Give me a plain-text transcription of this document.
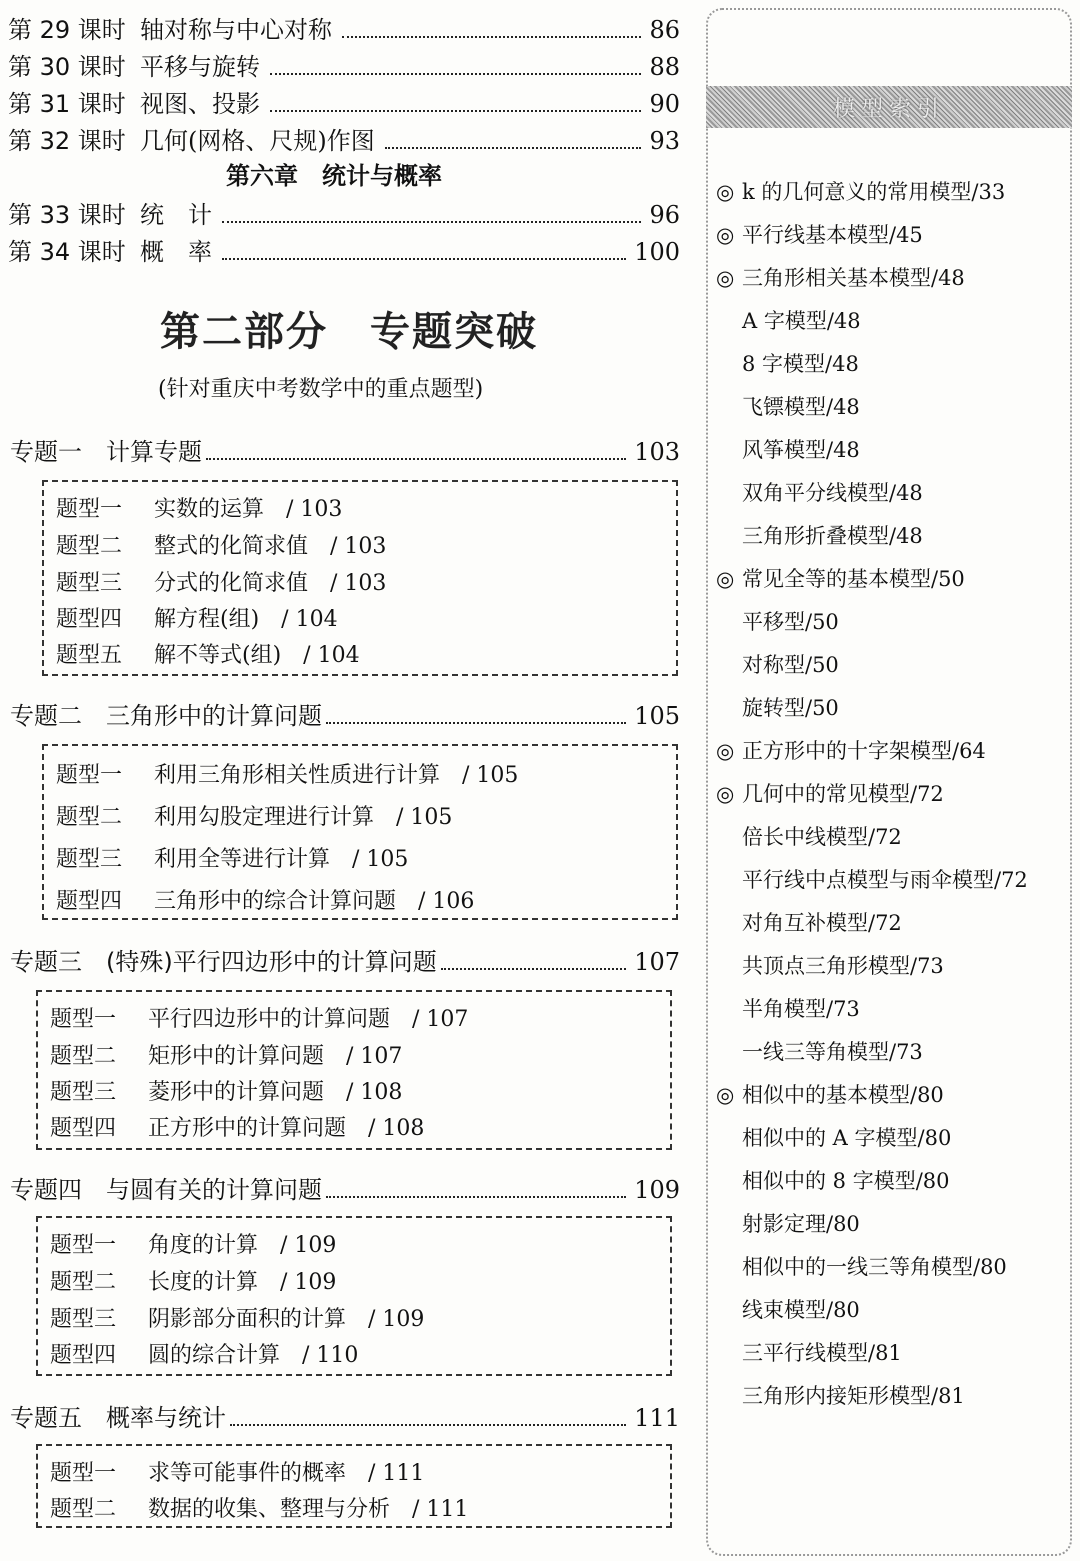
第 29 课时 轴对称与中心对称	86
第 30 课时 平移与旋转	88
第 31 课时 视图、投影	90
第 32 课时 几何(网格、尺规)作图	93
第六章　统计与概率
第 33 课时 统　计	96
第 34 课时 概　率	100
第二部分　专题突破
(针对重庆中考数学中的重点题型)
专题一　计算专题	103
题型一 实数的运算　/ 103
题型二 整式的化简求值　/ 103
题型三 分式的化简求值　/ 103
题型四 解方程(组)　/ 104
题型五 解不等式(组)　/ 104
专题二　三角形中的计算问题	105
题型一 利用三角形相关性质进行计算　/ 105
题型二 利用勾股定理进行计算　/ 105
题型三 利用全等进行计算　/ 105
题型四 三角形中的综合计算问题　/ 106
专题三　(特殊)平行四边形中的计算问题	107
题型一 平行四边形中的计算问题　/ 107
题型二 矩形中的计算问题　/ 107
题型三 菱形中的计算问题　/ 108
题型四 正方形中的计算问题　/ 108
专题四　与圆有关的计算问题	109
题型一 角度的计算　/ 109
题型二 长度的计算　/ 109
题型三 阴影部分面积的计算　/ 109
题型四 圆的综合计算　/ 110
专题五　概率与统计	111
题型一 求等可能事件的概率　/ 111
题型二 数据的收集、整理与分析　/ 111
模型索引
◎ k 的几何意义的常用模型/33
◎ 平行线基本模型/45
◎ 三角形相关基本模型/48
A 字模型/48
8 字模型/48
飞镖模型/48
风筝模型/48
双角平分线模型/48
三角形折叠模型/48
◎ 常见全等的基本模型/50
平移型/50
对称型/50
旋转型/50
◎ 正方形中的十字架模型/64
◎ 几何中的常见模型/72
倍长中线模型/72
平行线中点模型与雨伞模型/72
对角互补模型/72
共顶点三角形模型/73
半角模型/73
一线三等角模型/73
◎ 相似中的基本模型/80
相似中的 A 字模型/80
相似中的 8 字模型/80
射影定理/80
相似中的一线三等角模型/80
线束模型/80
三平行线模型/81
三角形内接矩形模型/81
